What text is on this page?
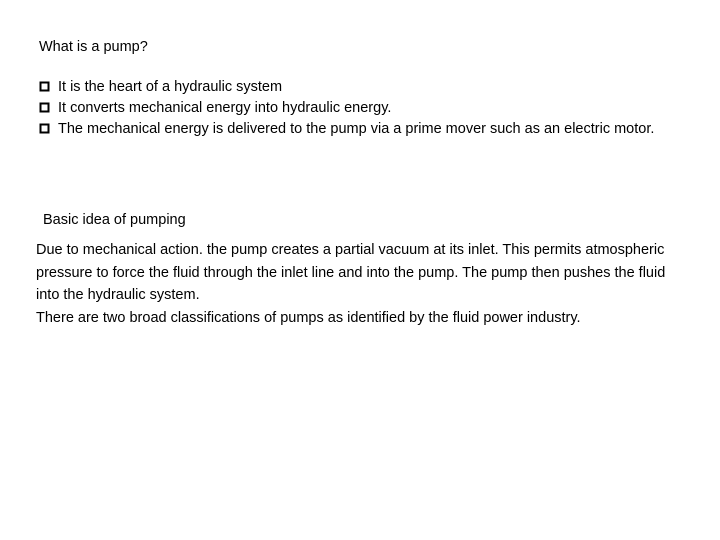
What is a pump?
It is the heart of a hydraulic system
It converts mechanical energy into hydraulic energy.
The mechanical energy is delivered to the pump via a prime mover such as an electric motor.
Basic idea of pumping

Due to mechanical action. the pump creates a partial vacuum at its inlet. This permits atmospheric pressure to force the fluid through the inlet line and into the pump. The pump then pushes the fluid into the hydraulic system.

There are two broad classifications of pumps as identified by the fluid power industry.
